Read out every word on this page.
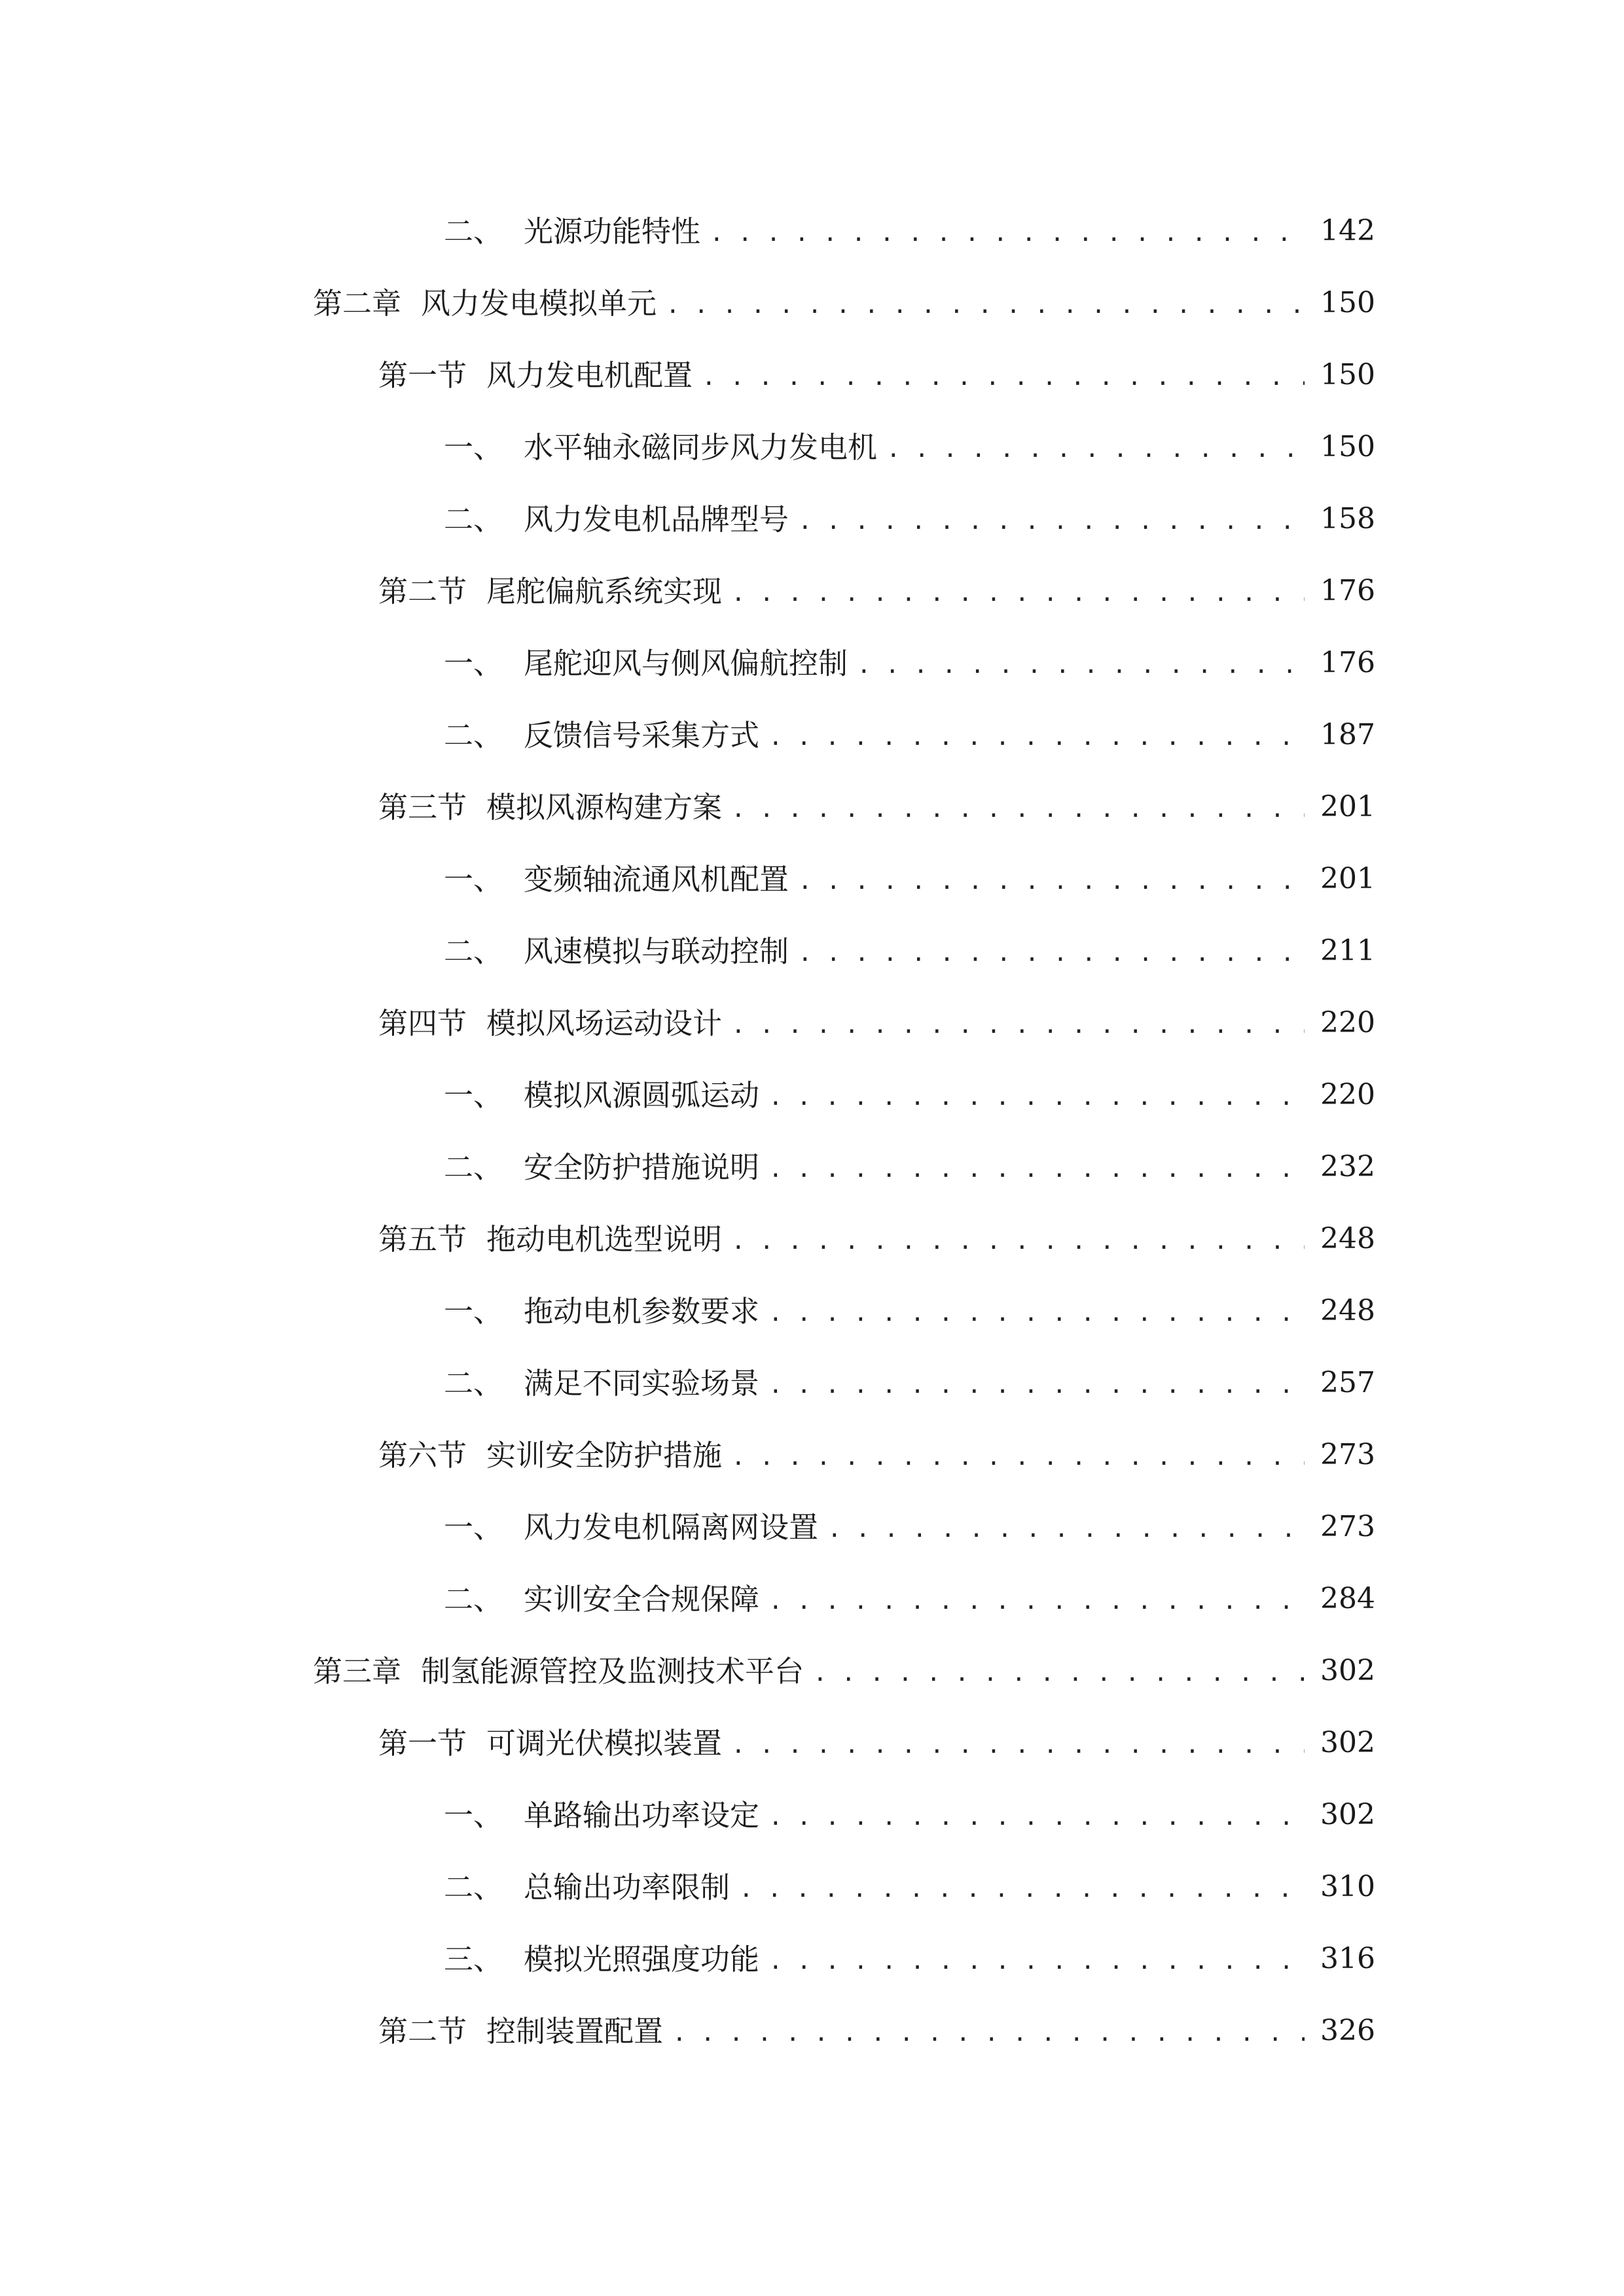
二、 光源功能特性 . . .	142
第二章 风力发电模拟单元 . . .	150
第一节 风力发电机配置 . . .	150
一、 水平轴永磁同步风力发电机 . . .	150
二、 风力发电机品牌型号 . . .	158
第二节 尾舵偏航系统实现 . . .	176
一、 尾舵迎风与侧风偏航控制 . . .	176
二、 反馈信号采集方式 . . .	187
第三节 模拟风源构建方案 . . .	201
一、 变频轴流通风机配置 . . .	201
二、 风速模拟与联动控制 . . .	211
第四节 模拟风场运动设计 . . .	220
一、 模拟风源圆弧运动 . . .	220
二、 安全防护措施说明 . . .	232
第五节 拖动电机选型说明 . . .	248
一、 拖动电机参数要求 . . .	248
二、 满足不同实验场景 . . .	257
第六节 实训安全防护措施 . . .	273
一、 风力发电机隔离网设置 . . .	273
二、 实训安全合规保障 . . .	284
第三章 制氢能源管控及监测技术平台 . . .	302
第一节 可调光伏模拟装置 . . .	302
一、 单路输出功率设定 . . .	302
二、 总输出功率限制 . . .	310
三、 模拟光照强度功能 . . .	316
第二节 控制装置配置 . . .	326
